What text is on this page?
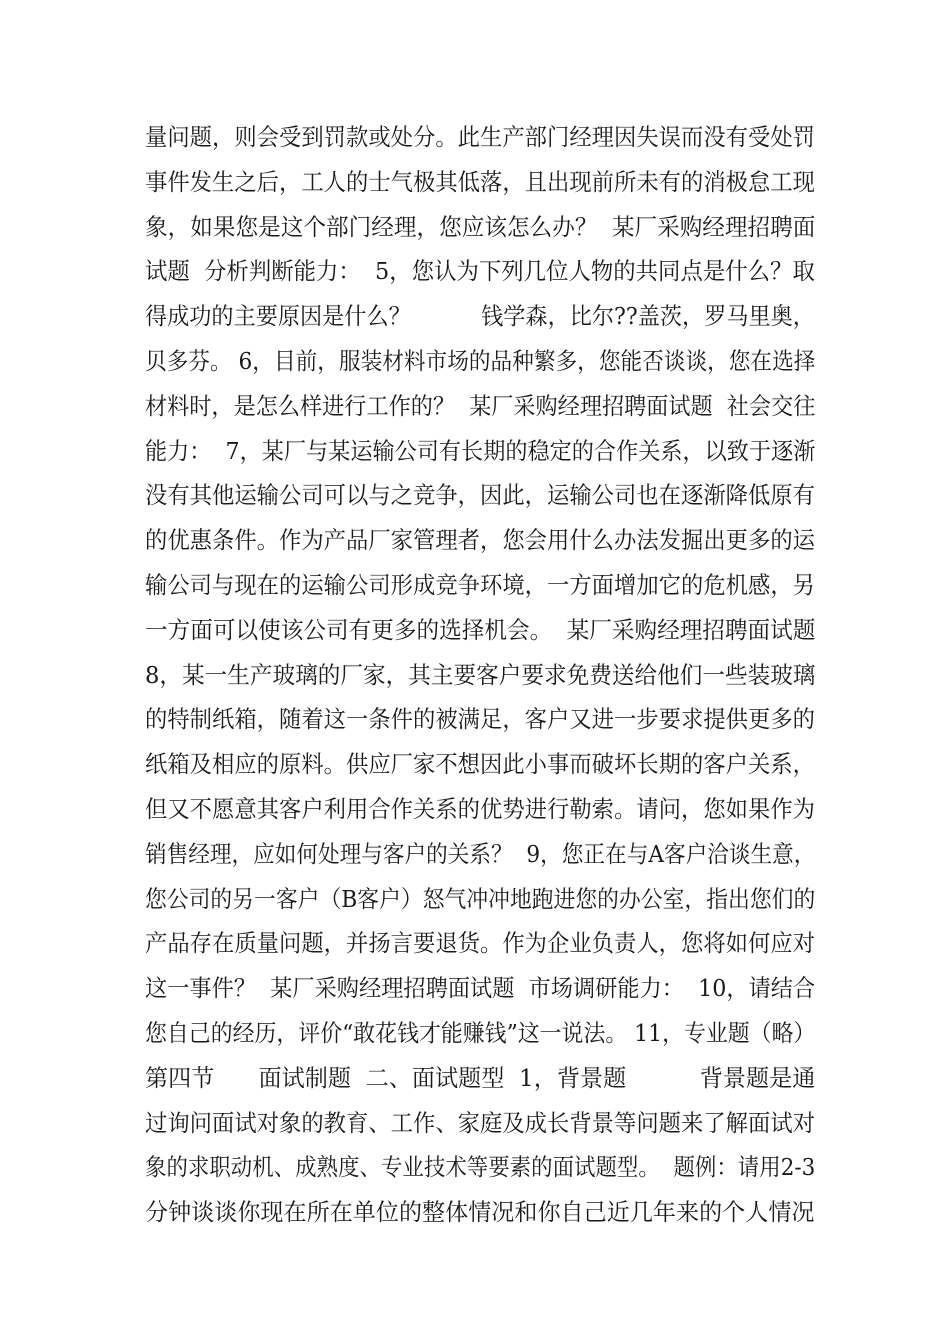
量问题，则会受到罚款或处分。此生产部门经理因失误而没有受处罚
事件发生之后，工人的士气极其低落，且出现前所未有的消极怠工现
象，如果您是这个部门经理，您应该怎么办？  某厂采购经理招聘面
试题  分析判断能力：  5，您认为下列几位人物的共同点是什么？取
得成功的主要原因是什么？          钱学森，比尔??盖茨，罗马里奥，
贝多芬。 6，目前，服装材料市场的品种繁多，您能否谈谈，您在选择
材料时，是怎么样进行工作的？  某厂采购经理招聘面试题  社会交往
能力：  7，某厂与某运输公司有长期的稳定的合作关系，以致于逐渐
没有其他运输公司可以与之竞争，因此，运输公司也在逐渐降低原有
的优惠条件。作为产品厂家管理者，您会用什么办法发掘出更多的运
输公司与现在的运输公司形成竞争环境，一方面增加它的危机感，另
一方面可以使该公司有更多的选择机会。  某厂采购经理招聘面试题
8，某一生产玻璃的厂家，其主要客户要求免费送给他们一些装玻璃
的特制纸箱，随着这一条件的被满足，客户又进一步要求提供更多的
纸箱及相应的原料。供应厂家不想因此小事而破坏长期的客户关系，
但又不愿意其客户利用合作关系的优势进行勒索。请问，您如果作为
销售经理，应如何处理与客户的关系？  9，您正在与A客户洽谈生意，
您公司的另一客户（B客户）怒气冲冲地跑进您的办公室，指出您们的
产品存在质量问题，并扬言要退货。作为企业负责人，您将如何应对
这一事件？  某厂采购经理招聘面试题  市场调研能力：  10，请结合
您自己的经历，评价“敢花钱才能赚钱”这一说法。 11，专业题（略）
第四节      面试制题  二、面试题型  1，背景题          背景题是通
过询问面试对象的教育、工作、家庭及成长背景等问题来了解面试对
象的求职动机、成熟度、专业技术等要素的面试题型。  题例：请用2-3
分钟谈谈你现在所在单位的整体情况和你自己近几年来的个人情况
